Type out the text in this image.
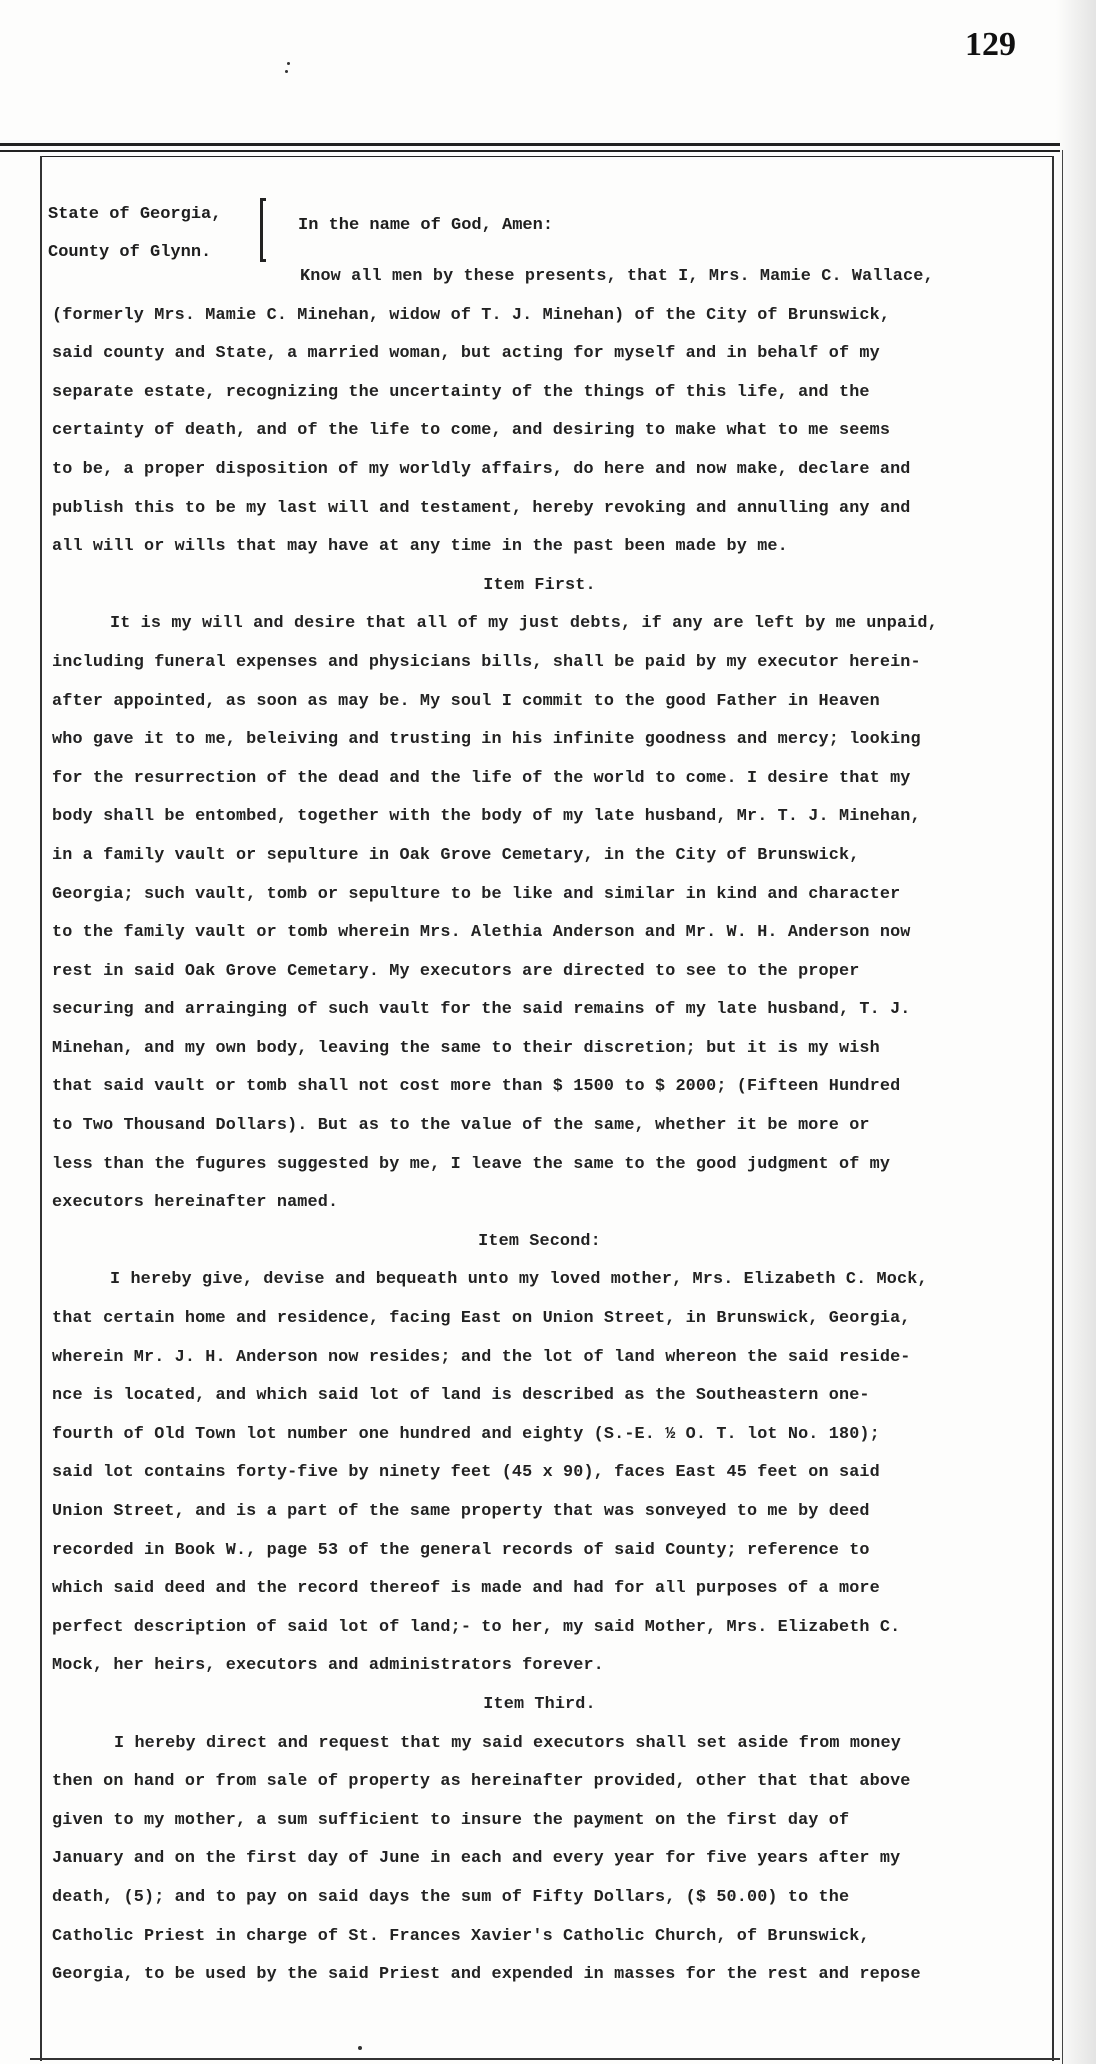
129
State of Georgia,
County of Glynn.
In the name of God, Amen:
Know all men by these presents, that I, Mrs. Mamie C. Wallace,
(formerly Mrs. Mamie C. Minehan, widow of T. J. Minehan) of the City of Brunswick,
said county and State, a married woman, but acting for myself and in behalf of my
separate estate, recognizing the uncertainty of the things of this life, and the
certainty of death, and of the life to come, and desiring to make what to me seems
to be, a proper disposition of my worldly affairs, do here and now make, declare and
publish this to be my last will and testament, hereby revoking and annulling any and
all will or wills that may have at any time in the past been made by me.
Item First.
It is my will and desire that all of my just debts, if any are left by me unpaid,
including funeral expenses and physicians bills, shall be paid by my executor herein-
after appointed, as soon as may be. My soul I commit to the good Father in Heaven
who gave it to me, beleiving and trusting in his infinite goodness and mercy; looking
for the resurrection of the dead and the life of the world to come. I desire that my
body shall be entombed, together with the body of my late husband, Mr. T. J. Minehan,
in a family vault or sepulture in Oak Grove Cemetary, in the City of Brunswick,
Georgia; such vault, tomb or sepulture to be like and similar in kind and character
to the family vault or tomb wherein Mrs. Alethia Anderson and Mr. W. H. Anderson now
rest in said Oak Grove Cemetary. My executors are directed to see to the proper
securing and arrainging of such vault for the said remains of my late husband, T. J.
Minehan, and my own body, leaving the same to their discretion; but it is my wish
that said vault or tomb shall not cost more than $ 1500 to $ 2000; (Fifteen Hundred
to Two Thousand Dollars). But as to the value of the same, whether it be more or
less than the fugures suggested by me, I leave the same to the good judgment of my
executors hereinafter named.
Item Second:
I hereby give, devise and bequeath unto my loved mother, Mrs. Elizabeth C. Mock,
that certain home and residence, facing East on Union Street, in Brunswick, Georgia,
wherein Mr. J. H. Anderson now resides; and the lot of land whereon the said reside-
nce is located, and which said lot of land is described as the Southeastern one-
fourth of Old Town lot number one hundred and eighty (S.-E. ½ O. T. lot No. 180);
said lot contains forty-five by ninety feet (45 x 90), faces East 45 feet on said
Union Street, and is a part of the same property that was sonveyed to me by deed
recorded in Book W., page 53 of the general records of said County; reference to
which said deed and the record thereof is made and had for all purposes of a more
perfect description of said lot of land;- to her, my said Mother, Mrs. Elizabeth C.
Mock, her heirs, executors and administrators forever.
Item Third.
I hereby direct and request that my said executors shall set aside from money
then on hand or from sale of property as hereinafter provided, other that that above
given to my mother, a sum sufficient to insure the payment on the first day of
January and on the first day of June in each and every year for five years after my
death, (5); and to pay on said days the sum of Fifty Dollars, ($ 50.00) to the
Catholic Priest in charge of St. Frances Xavier's Catholic Church, of Brunswick,
Georgia, to be used by the said Priest and expended in masses for the rest and repose
